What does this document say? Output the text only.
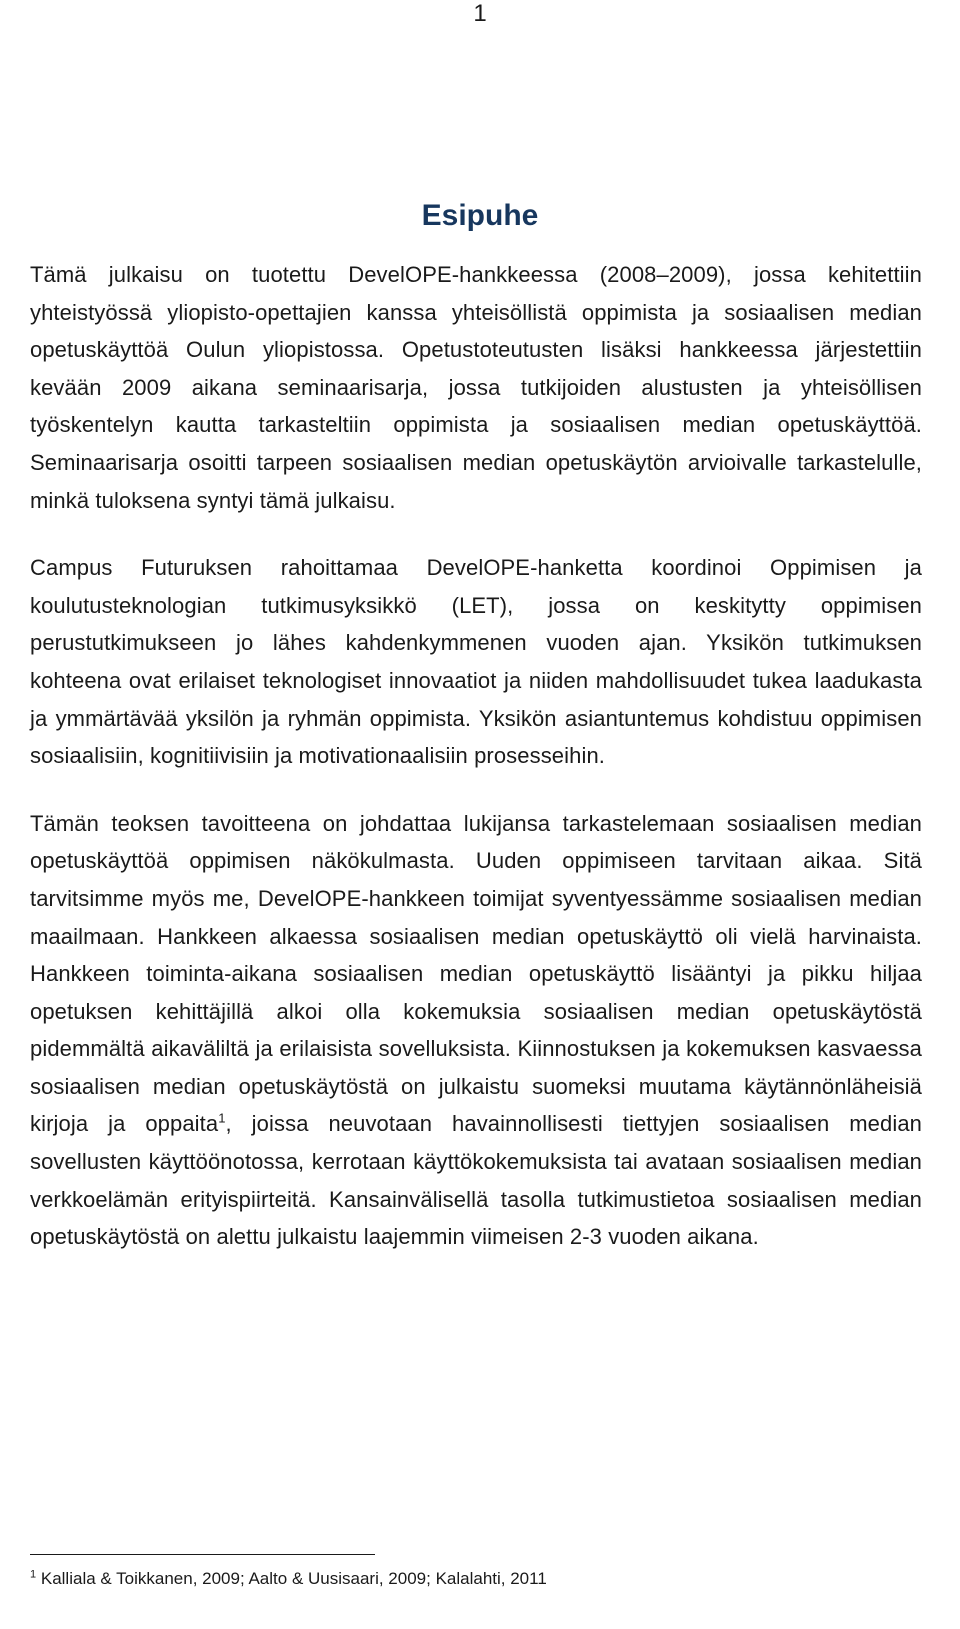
1
Esipuhe

Tämä julkaisu on tuotettu DevelOPE-hankkeessa (2008–2009), jossa kehitettiin yhteistyössä yliopisto-opettajien kanssa yhteisöllistä oppimista ja sosiaalisen median opetuskäyttöä Oulun yliopistossa. Opetustoteutusten lisäksi hankkeessa järjestettiin kevään 2009 aikana seminaarisarja, jossa tutkijoiden alustusten ja yhteisöllisen työskentelyn kautta tarkasteltiin oppimista ja sosiaalisen median opetuskäyttöä. Seminaarisarja osoitti tarpeen sosiaalisen median opetuskäytön arvioivalle tarkastelulle, minkä tuloksena syntyi tämä julkaisu.

Campus Futuruksen rahoittamaa DevelOPE-hanketta koordinoi Oppimisen ja koulutusteknologian tutkimusyksikkö (LET), jossa on keskitytty oppimisen perustutkimukseen jo lähes kahdenkymmenen vuoden ajan. Yksikön tutkimuksen kohteena ovat erilaiset teknologiset innovaatiot ja niiden mahdollisuudet tukea laadukasta ja ymmärtävää yksilön ja ryhmän oppimista. Yksikön asiantuntemus kohdistuu oppimisen sosiaalisiin, kognitiivisiin ja motivationaalisiin prosesseihin.

Tämän teoksen tavoitteena on johdattaa lukijansa tarkastelemaan sosiaalisen median opetuskäyttöä oppimisen näkökulmasta. Uuden oppimiseen tarvitaan aikaa. Sitä tarvitsimme myös me, DevelOPE-hankkeen toimijat syventyessämme sosiaalisen median maailmaan. Hankkeen alkaessa sosiaalisen median opetuskäyttö oli vielä harvinaista. Hankkeen toiminta-aikana sosiaalisen median opetuskäyttö lisääntyi ja pikku hiljaa opetuksen kehittäjillä alkoi olla kokemuksia sosiaalisen median opetuskäytöstä pidemmältä aikaväliltä ja erilaisista sovelluksista. Kiinnostuksen ja kokemuksen kasvaessa sosiaalisen median opetuskäytöstä on julkaistu suomeksi muutama käytännönläheisiä kirjoja ja oppaita$^1$, joissa neuvotaan havainnollisesti tiettyjen sosiaalisen median sovellusten käyttöönotossa, kerrotaan käyttökokemuksista tai avataan sosiaalisen median verkkoelämän erityispiirteitä. Kansainvälisellä tasolla tutkimustietoa sosiaalisen median opetuskäytöstä on alettu julkaistu laajemmin viimeisen 2-3 vuoden aikana.

$^1$ Kalliala & Toikkanen, 2009; Aalto & Uusisaari, 2009; Kalalahti, 2011
